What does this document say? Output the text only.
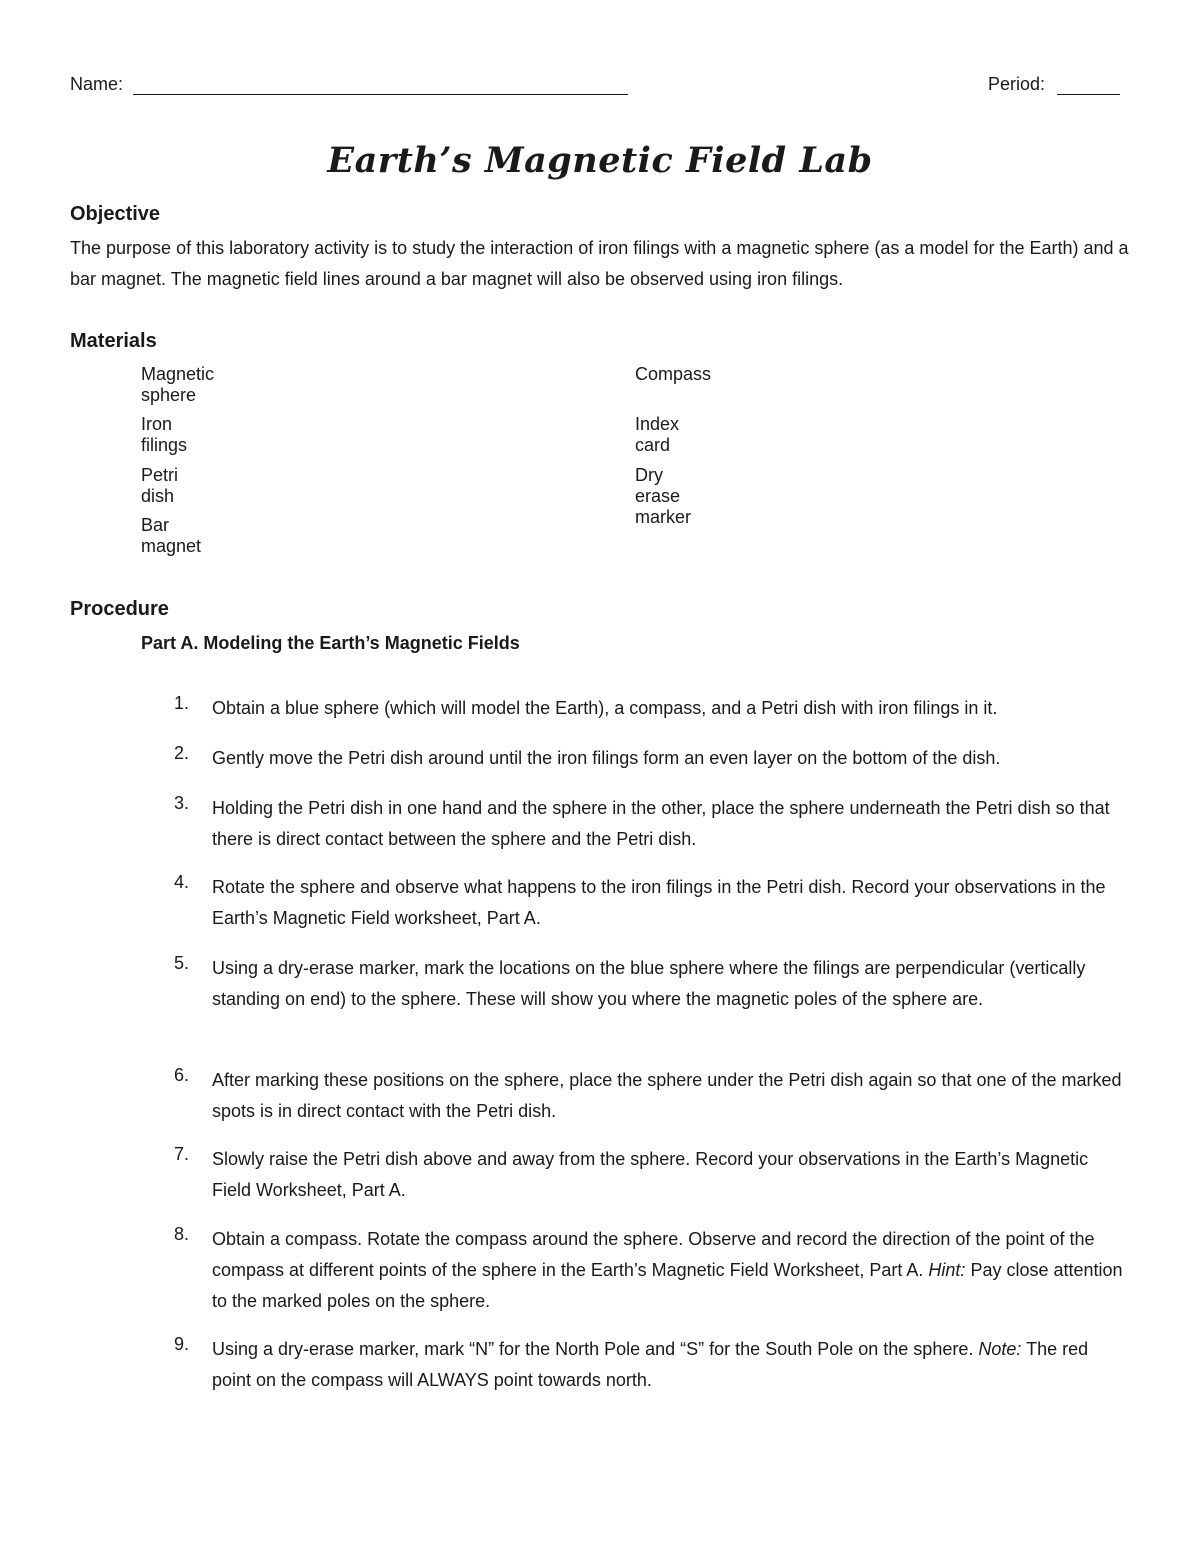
Name:	Period:
Earth’s Magnetic Field Lab
Objective
The purpose of this laboratory activity is to study the interaction of iron filings with a magnetic sphere (as a model for the Earth) and a bar magnet. The magnetic field lines around a bar magnet will also be observed using iron filings.
Materials
Magnetic sphere
Compass
Iron filings
Index card
Petri dish
Dry erase marker
Bar magnet
Procedure
Part A. Modeling the Earth’s Magnetic Fields
1.	Obtain a blue sphere (which will model the Earth), a compass, and a Petri dish with iron filings in it.
2.	Gently move the Petri dish around until the iron filings form an even layer on the bottom of the dish.
3.	Holding the Petri dish in one hand and the sphere in the other, place the sphere underneath the Petri dish so that there is direct contact between the sphere and the Petri dish.
4.	Rotate the sphere and observe what happens to the iron filings in the Petri dish. Record your observations in the Earth’s Magnetic Field worksheet, Part A.
5.	Using a dry-erase marker, mark the locations on the blue sphere where the filings are perpendicular (vertically standing on end) to the sphere. These will show you where the magnetic poles of the sphere are.
6.	After marking these positions on the sphere, place the sphere under the Petri dish again so that one of the marked spots is in direct contact with the Petri dish.
7.	Slowly raise the Petri dish above and away from the sphere. Record your observations in the Earth’s Magnetic Field Worksheet, Part A.
8.	Obtain a compass. Rotate the compass around the sphere. Observe and record the direction of the point of the compass at different points of the sphere in the Earth’s Magnetic Field Worksheet, Part A. Hint: Pay close attention to the marked poles on the sphere.
9.	Using a dry-erase marker, mark “N” for the North Pole and “S” for the South Pole on the sphere. Note: The red point on the compass will ALWAYS point towards north.
